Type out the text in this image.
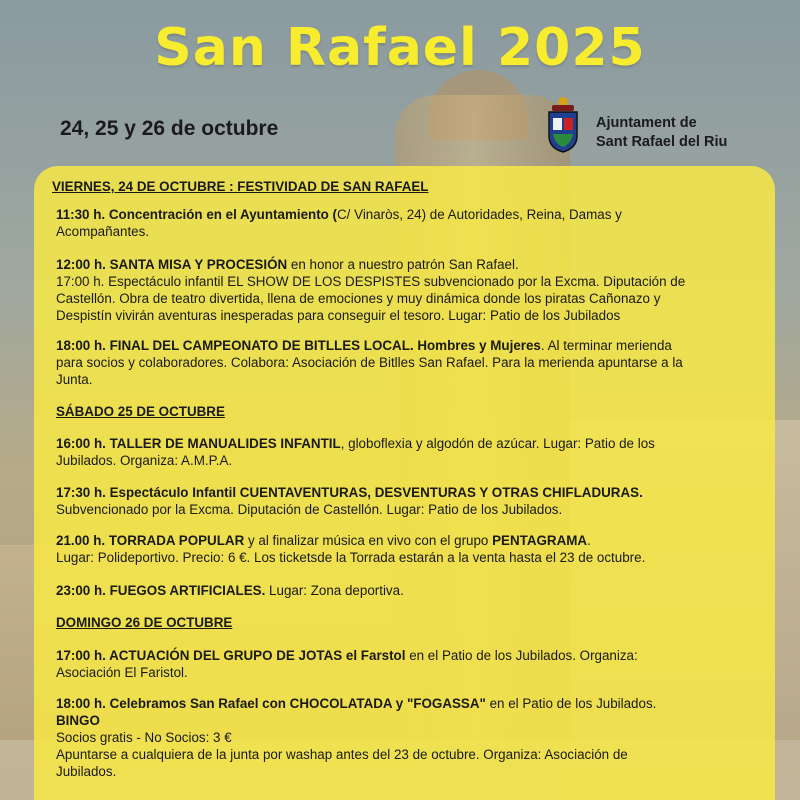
San Rafael 2025
24, 25 y 26 de octubre	Ajuntament de
Sant Rafael del Riu
VIERNES, 24 DE OCTUBRE : FESTIVIDAD DE SAN RAFAEL
11:30 h. Concentración en el Ayuntamiento (C/ Vinaròs, 24) de Autoridades, Reina, Damas y
Acompañantes.
12:00 h. SANTA MISA Y PROCESIÓN en honor a nuestro patrón San Rafael.
17:00 h. Espectáculo infantil EL SHOW DE LOS DESPISTES subvencionado por la Excma. Diputación de
Castellón. Obra de teatro divertida, llena de emociones y muy dinámica donde los piratas Cañonazo y
Despistín vivirán aventuras inesperadas para conseguir el tesoro. Lugar: Patio de los Jubilados
18:00 h. FINAL DEL CAMPEONATO DE BITLLES LOCAL. Hombres y Mujeres. Al terminar merienda
para socios y colaboradores. Colabora: Asociación de Bitlles San Rafael. Para la merienda apuntarse a la
Junta.
SÁBADO 25 DE OCTUBRE
16:00 h. TALLER DE MANUALIDES INFANTIL, globoflexia y algodón de azúcar. Lugar: Patio de los
Jubilados. Organiza: A.M.P.A.
17:30 h. Espectáculo Infantil CUENTAVENTURAS, DESVENTURAS Y OTRAS CHIFLADURAS.
Subvencionado por la Excma. Diputación de Castellón. Lugar: Patio de los Jubilados.
21.00 h. TORRADA POPULAR y al finalizar música en vivo con el grupo PENTAGRAMA.
Lugar: Polideportivo. Precio: 6 €. Los ticketsde la Torrada estarán a la venta hasta el 23 de octubre.
23:00 h. FUEGOS ARTIFICIALES. Lugar: Zona deportiva.
DOMINGO 26 DE OCTUBRE
17:00 h. ACTUACIÓN DEL GRUPO DE JOTAS el Farstol en el Patio de los Jubilados. Organiza:
Asociación El Faristol.
18:00 h. Celebramos San Rafael con CHOCOLATADA y "FOGASSA" en el Patio de los Jubilados.
BINGO
Socios gratis - No Socios: 3 €
Apuntarse a cualquiera de la junta por washap antes del 23 de octubre. Organiza: Asociación de
Jubilados.
